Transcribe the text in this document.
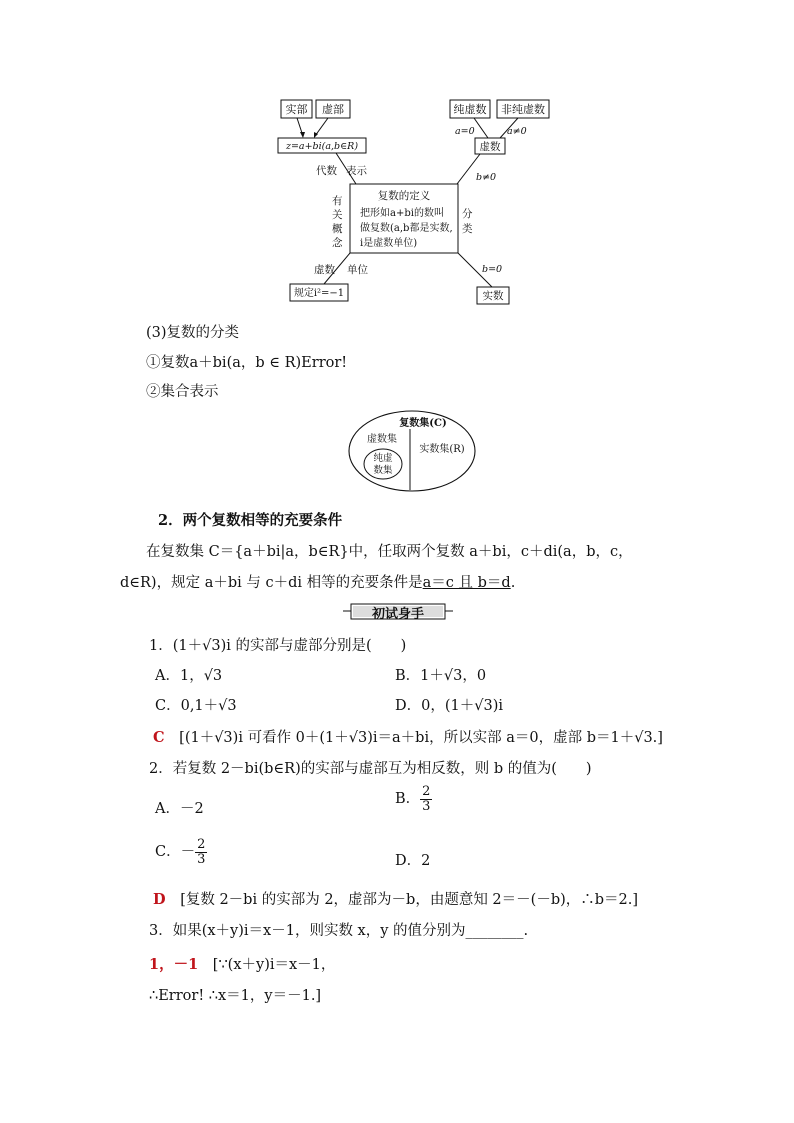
实部 虚部
z=a+bi(a,b∈R)
代数 表示
纯虚数 非纯虚数
a=0	a≠0
虚数
b≠0
复数的定义
把形如a+bi的数叫
做复数(a,b都是实数,
i是虚数单位)
有
关
概
念
分
类
虚数 单位
规定i²=−1
b=0
实数
(3)复数的分类
①复数a＋bi(a，b ∈ R)Error!
②集合表示
复数集(C)
虚数集
实数集(R)
纯虚
数集
2．两个复数相等的充要条件
在复数集 C＝{a＋bi|a，b∈R}中，任取两个复数 a＋bi，c＋di(a，b，c，
d∈R)，规定 a＋bi 与 c＋di 相等的充要条件是a＝c 且 b＝d.
初试身手
1．(1＋√3)i 的实部与虚部分别是(　　)
A．1，√3	B．1＋√3，0
C．0,1＋√3	D．0，(1＋√3)i
C [(1＋√3)i 可看作 0＋(1＋√3)i＝a＋bi，所以实部 a＝0，虚部 b＝1＋√3.]
2．若复数 2－bi(b∈R)的实部与虚部互为相反数，则 b 的值为(　　)
A．－2
B． $\frac{2}{3}$
C．－ $\frac{2}{3}$	D．2
D [复数 2－bi 的实部为 2，虚部为－b，由题意知 2＝－(－b)，∴b＝2.]
3．如果(x＋y)i＝x－1，则实数 x，y 的值分别为________.
1，－1 [∵(x＋y)i＝x－1，
∴Error! ∴x＝1，y＝－1.]
